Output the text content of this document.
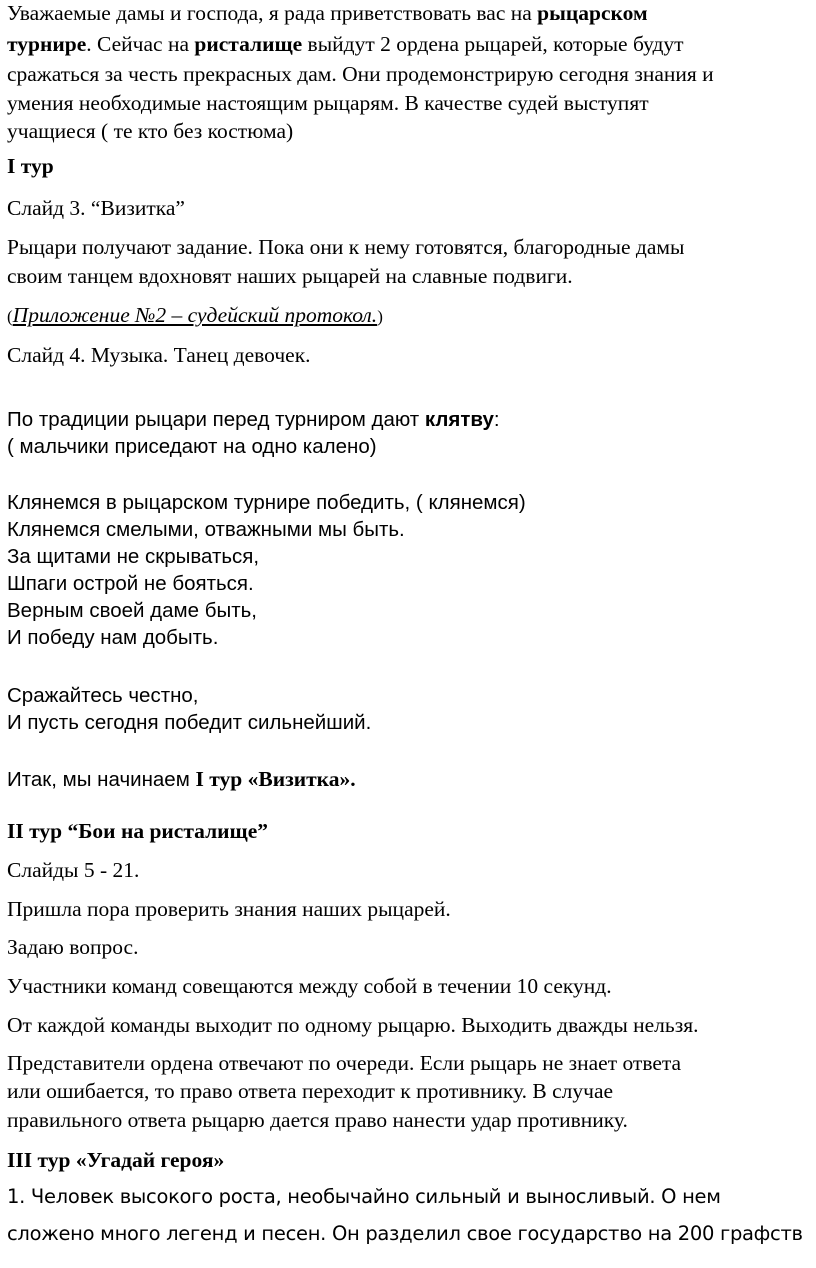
Уважаемые дамы и господа, я рада приветствовать вас на рыцарском

турнире. Сейчас на ристалище выйдут 2 ордена рыцарей, которые будут

сражаться за честь прекрасных дам. Они продемонстрирую сегодня знания и

умения необходимые настоящим рыцарям. В качестве судей выступят

учащиеся ( те кто без костюма)

I тур

Слайд 3. “Визитка”

Рыцари получают задание. Пока они к нему готовятся, благородные дамы

своим танцем вдохновят наших рыцарей на славные подвиги.

(Приложение №2 – судейский протокол.)

Слайд 4. Музыка. Танец девочек.

По традиции рыцари перед турниром дают клятву:

( мальчики приседают на одно калено)

Клянемся в рыцарском турнире победить, ( клянемся)

Клянемся смелыми, отважными мы быть.

За щитами не скрываться,

Шпаги острой не бояться.

Верным своей даме быть,

И победу нам добыть.

Сражайтесь честно,

И пусть сегодня победит сильнейший.

Итак, мы начинаем I тур «Визитка».

II тур “Бои на ристалище”

Слайды 5 - 21.

Пришла пора проверить знания наших рыцарей.

Задаю вопрос.

Участники команд совещаются между собой в течении 10 секунд.

От каждой команды выходит по одному рыцарю. Выходить дважды нельзя.

Представители ордена отвечают по очереди. Если рыцарь не знает ответа

или ошибается, то право ответа переходит к противнику. В случае

правильного ответа рыцарю дается право нанести удар противнику.

III тур «Угадай героя»

1. Человек высокого роста, необычайно сильный и выносливый. О нем

сложено много легенд и песен. Он разделил свое государство на 200 графств
